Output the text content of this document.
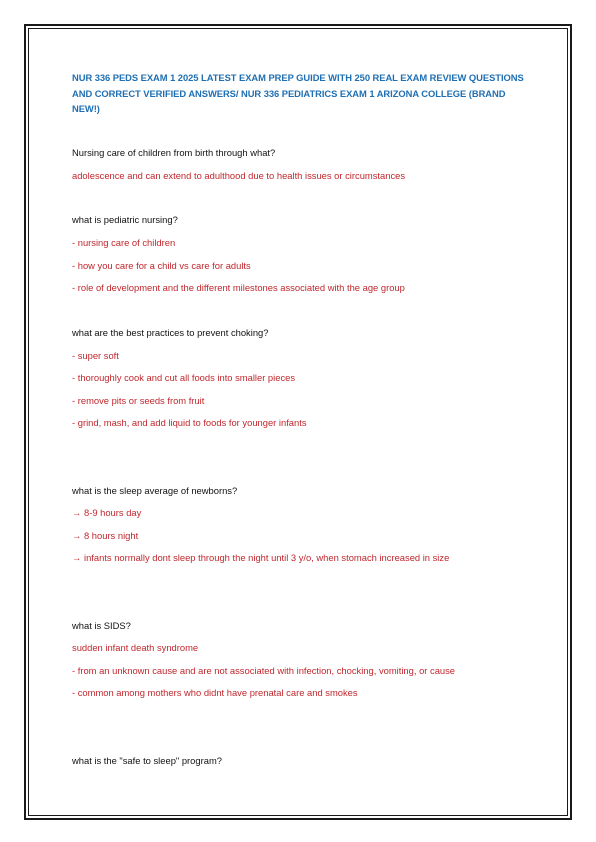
NUR 336 PEDS EXAM 1 2025 LATEST EXAM PREP GUIDE WITH 250 REAL EXAM REVIEW QUESTIONS AND CORRECT VERIFIED ANSWERS/ NUR 336 PEDIATRICS EXAM 1 ARIZONA COLLEGE (BRAND NEW!)

Nursing care of children from birth through what?

adolescence and can extend to adulthood due to health issues or circumstances

what is pediatric nursing?

- nursing care of children

- how you care for a child vs care for adults

- role of development and the different milestones associated with the age group

what are the best practices to prevent choking?

- super soft

- thoroughly cook and cut all foods into smaller pieces

- remove pits or seeds from fruit

- grind, mash, and add liquid to foods for younger infants

what is the sleep average of newborns?

→ 8-9 hours day

→ 8 hours night

→ infants normally dont sleep through the night until 3 y/o, when stomach increased in size

what is SIDS?

sudden infant death syndrome

- from an unknown cause and are not associated with infection, chocking, vomiting, or cause

- common among mothers who didnt have prenatal care and smokes

what is the "safe to sleep" program?
